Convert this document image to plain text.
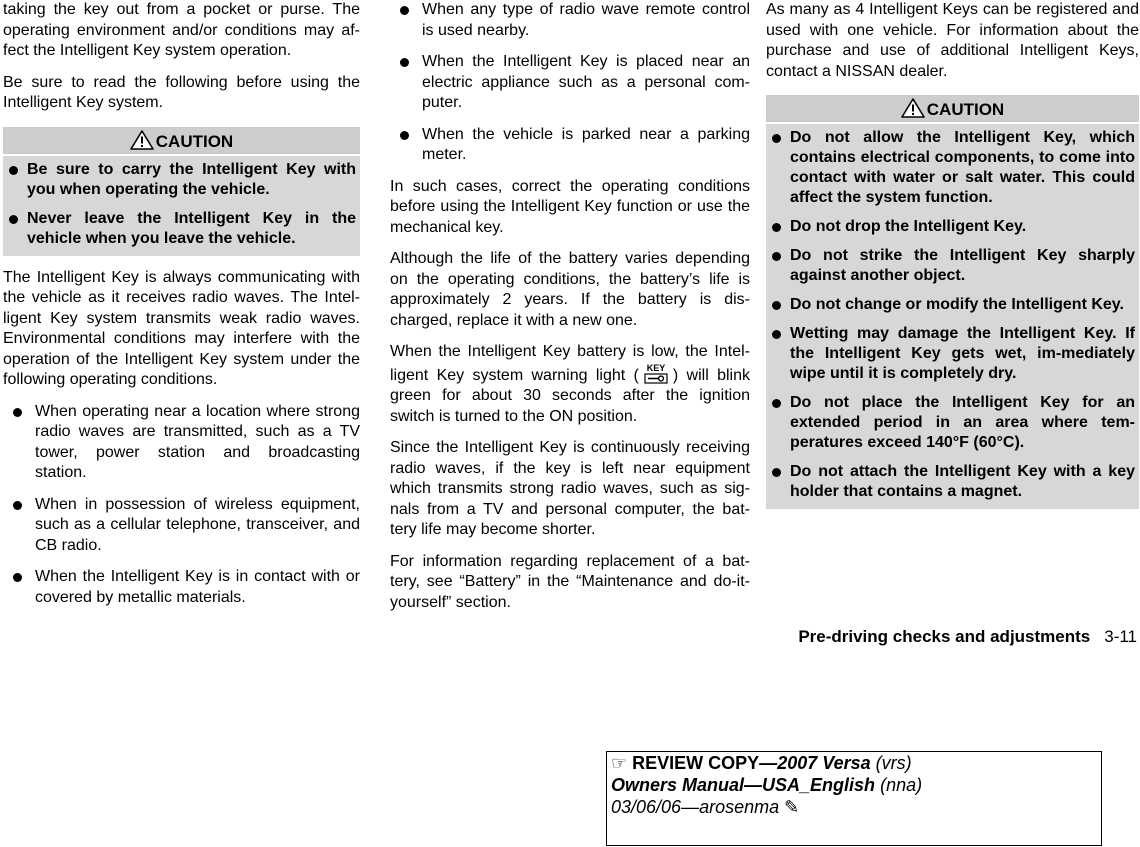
taking the key out from a pocket or purse. The operating environment and/or conditions may af-fect the Intelligent Key system operation.

Be sure to read the following before using the Intelligent Key system.

CAUTION
Be sure to carry the Intelligent Key with you when operating the vehicle.
Never leave the Intelligent Key in the vehicle when you leave the vehicle.

The Intelligent Key is always communicating with the vehicle as it receives radio waves. The Intel-ligent Key system transmits weak radio waves. Environmental conditions may interfere with the operation of the Intelligent Key system under the following operating conditions.

When operating near a location where strong radio waves are transmitted, such as a TV tower, power station and broadcasting station.
When in possession of wireless equipment, such as a cellular telephone, transceiver, and CB radio.
When the Intelligent Key is in contact with or covered by metallic materials.
When any type of radio wave remote control is used nearby.
When the Intelligent Key is placed near an electric appliance such as a personal com-puter.
When the vehicle is parked near a parking meter.

In such cases, correct the operating conditions before using the Intelligent Key function or use the mechanical key.

Although the life of the battery varies depending on the operating conditions, the battery’s life is approximately 2 years. If the battery is dis-charged, replace it with a new one.

When the Intelligent Key battery is low, the Intel-ligent Key system warning light ( KEY ) will blink green for about 30 seconds after the ignition switch is turned to the ON position.

Since the Intelligent Key is continuously receiving radio waves, if the key is left near equipment which transmits strong radio waves, such as sig-nals from a TV and personal computer, the bat-tery life may become shorter.

For information regarding replacement of a bat-tery, see “Battery” in the “Maintenance and do-it-yourself” section.

As many as 4 Intelligent Keys can be registered and used with one vehicle. For information about the purchase and use of additional Intelligent Keys, contact a NISSAN dealer.

CAUTION
Do not allow the Intelligent Key, which contains electrical components, to come into contact with water or salt water. This could affect the system function.
Do not drop the Intelligent Key.
Do not strike the Intelligent Key sharply against another object.
Do not change or modify the Intelligent Key.
Wetting may damage the Intelligent Key. If the Intelligent Key gets wet, im-mediately wipe until it is completely dry.
Do not place the Intelligent Key for an extended period in an area where tem-peratures exceed 140°F (60°C).
Do not attach the Intelligent Key with a key holder that contains a magnet.
Pre-driving checks and adjustments 3-11
☞ REVIEW COPY—2007 Versa (vrs)
Owners Manual—USA_English (nna)
03/06/06—arosenma ✎
